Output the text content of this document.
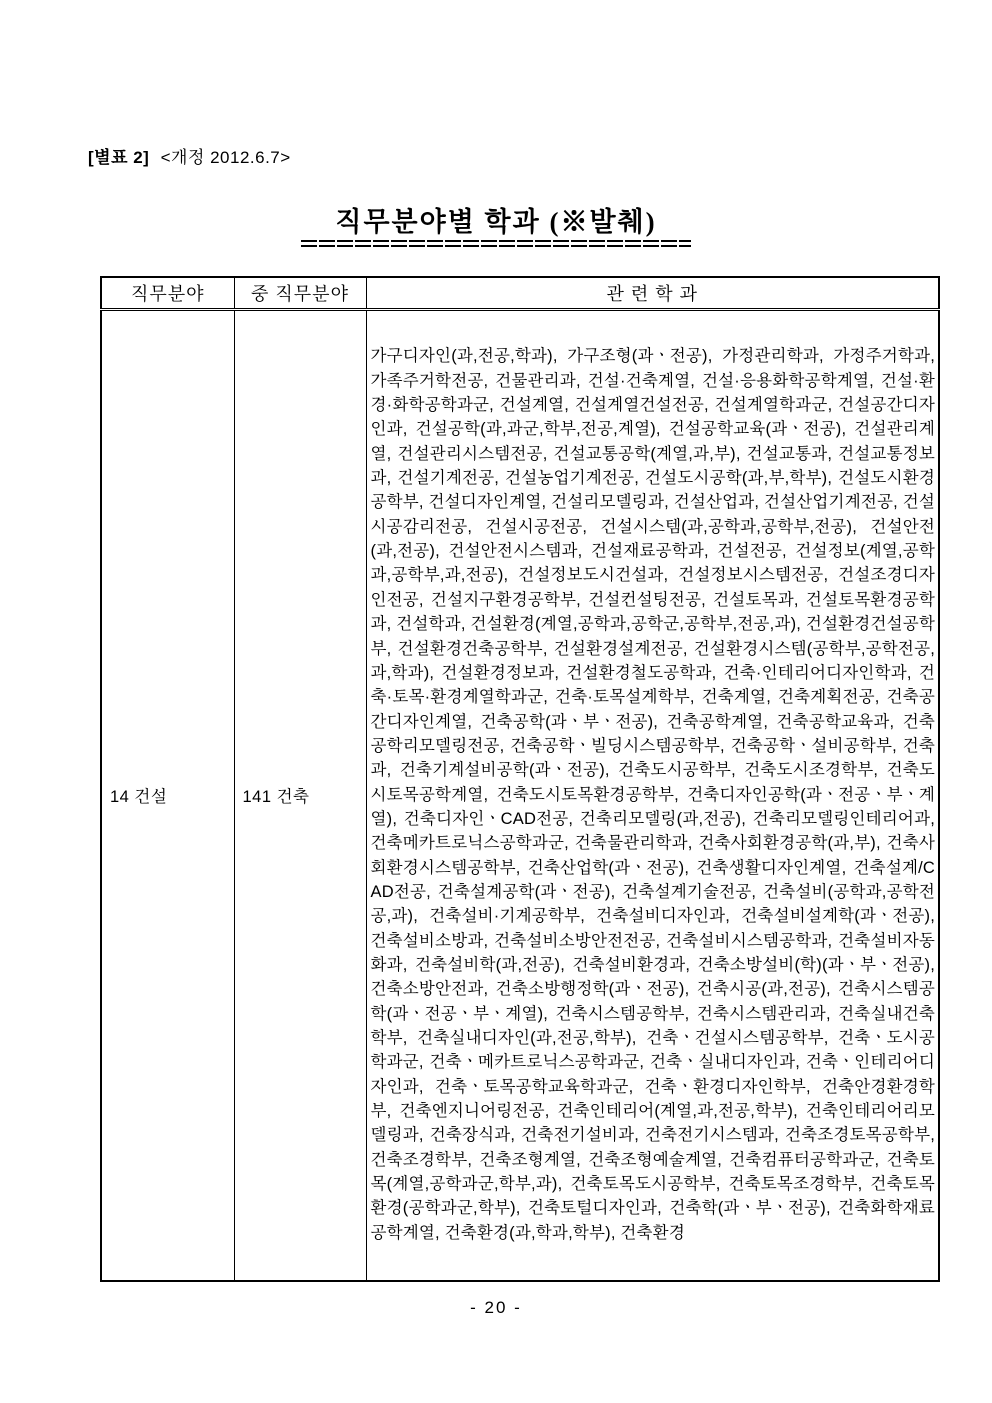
[별표 2] <개정 2012.6.7>
직무분야별 학과 (※발췌)
직무분야	중 직무분야	관 련 학 과
14 건설	141 건축	가구디자인(과,전공,학과), 가구조형(과ㆍ전공), 가정관리학과, 가정주거학과, 가족주거학전공, 건물관리과, 건설·건축계열, 건설·응용화학공학계열, 건설·환경·화학공학과군, 건설계열, 건설계열건설전공, 건설계열학과군, 건설공간디자인과, 건설공학(과,과군,학부,전공,계열), 건설공학교육(과ㆍ전공), 건설관리계열, 건설관리시스템전공, 건설교통공학(계열,과,부), 건설교통과, 건설교통정보과, 건설기계전공, 건설농업기계전공, 건설도시공학(과,부,학부), 건설도시환경공학부, 건설디자인계열, 건설리모델링과, 건설산업과, 건설산업기계전공, 건설시공감리전공, 건설시공전공, 건설시스템(과,공학과,공학부,전공), 건설안전(과,전공), 건설안전시스템과, 건설재료공학과, 건설전공, 건설정보(계열,공학과,공학부,과,전공), 건설정보도시건설과, 건설정보시스템전공, 건설조경디자인전공, 건설지구환경공학부, 건설컨설팅전공, 건설토목과, 건설토목환경공학과, 건설학과, 건설환경(계열,공학과,공학군,공학부,전공,과), 건설환경건설공학부, 건설환경건축공학부, 건설환경설계전공, 건설환경시스템(공학부,공학전공,과,학과), 건설환경정보과, 건설환경철도공학과, 건축·인테리어디자인학과, 건축·토목·환경계열학과군, 건축·토목설계학부, 건축계열, 건축계획전공, 건축공간디자인계열, 건축공학(과ㆍ부ㆍ전공), 건축공학계열, 건축공학교육과, 건축공학리모델링전공, 건축공학ㆍ빌딩시스템공학부, 건축공학ㆍ설비공학부, 건축과, 건축기계설비공학(과ㆍ전공), 건축도시공학부, 건축도시조경학부, 건축도시토목공학계열, 건축도시토목환경공학부, 건축디자인공학(과ㆍ전공ㆍ부ㆍ계열), 건축디자인ㆍCAD전공, 건축리모델링(과,전공), 건축리모델링인테리어과, 건축메카트로닉스공학과군, 건축물관리학과, 건축사회환경공학(과,부), 건축사회환경시스템공학부, 건축산업학(과ㆍ전공), 건축생활디자인계열, 건축설계/CAD전공, 건축설계공학(과ㆍ전공), 건축설계기술전공, 건축설비(공학과,공학전공,과), 건축설비·기계공학부, 건축설비디자인과, 건축설비설계학(과ㆍ전공), 건축설비소방과, 건축설비소방안전전공, 건축설비시스템공학과, 건축설비자동화과, 건축설비학(과,전공), 건축설비환경과, 건축소방설비(학)(과ㆍ부ㆍ전공), 건축소방안전과, 건축소방행정학(과ㆍ전공), 건축시공(과,전공), 건축시스템공학(과ㆍ전공ㆍ부ㆍ계열), 건축시스템공학부, 건축시스템관리과, 건축실내건축학부, 건축실내디자인(과,전공,학부), 건축ㆍ건설시스템공학부, 건축ㆍ도시공학과군, 건축ㆍ메카트로닉스공학과군, 건축ㆍ실내디자인과, 건축ㆍ인테리어디자인과, 건축ㆍ토목공학교육학과군, 건축ㆍ환경디자인학부, 건축안경환경학부, 건축엔지니어링전공, 건축인테리어(계열,과,전공,학부), 건축인테리어리모델링과, 건축장식과, 건축전기설비과, 건축전기시스템과, 건축조경토목공학부, 건축조경학부, 건축조형계열, 건축조형예술계열, 건축컴퓨터공학과군, 건축토목(계열,공학과군,학부,과), 건축토목도시공학부, 건축토목조경학부, 건축토목환경(공학과군,학부), 건축토털디자인과, 건축학(과ㆍ부ㆍ전공), 건축화학재료공학계열, 건축환경(과,학과,학부), 건축환경
- 20 -
